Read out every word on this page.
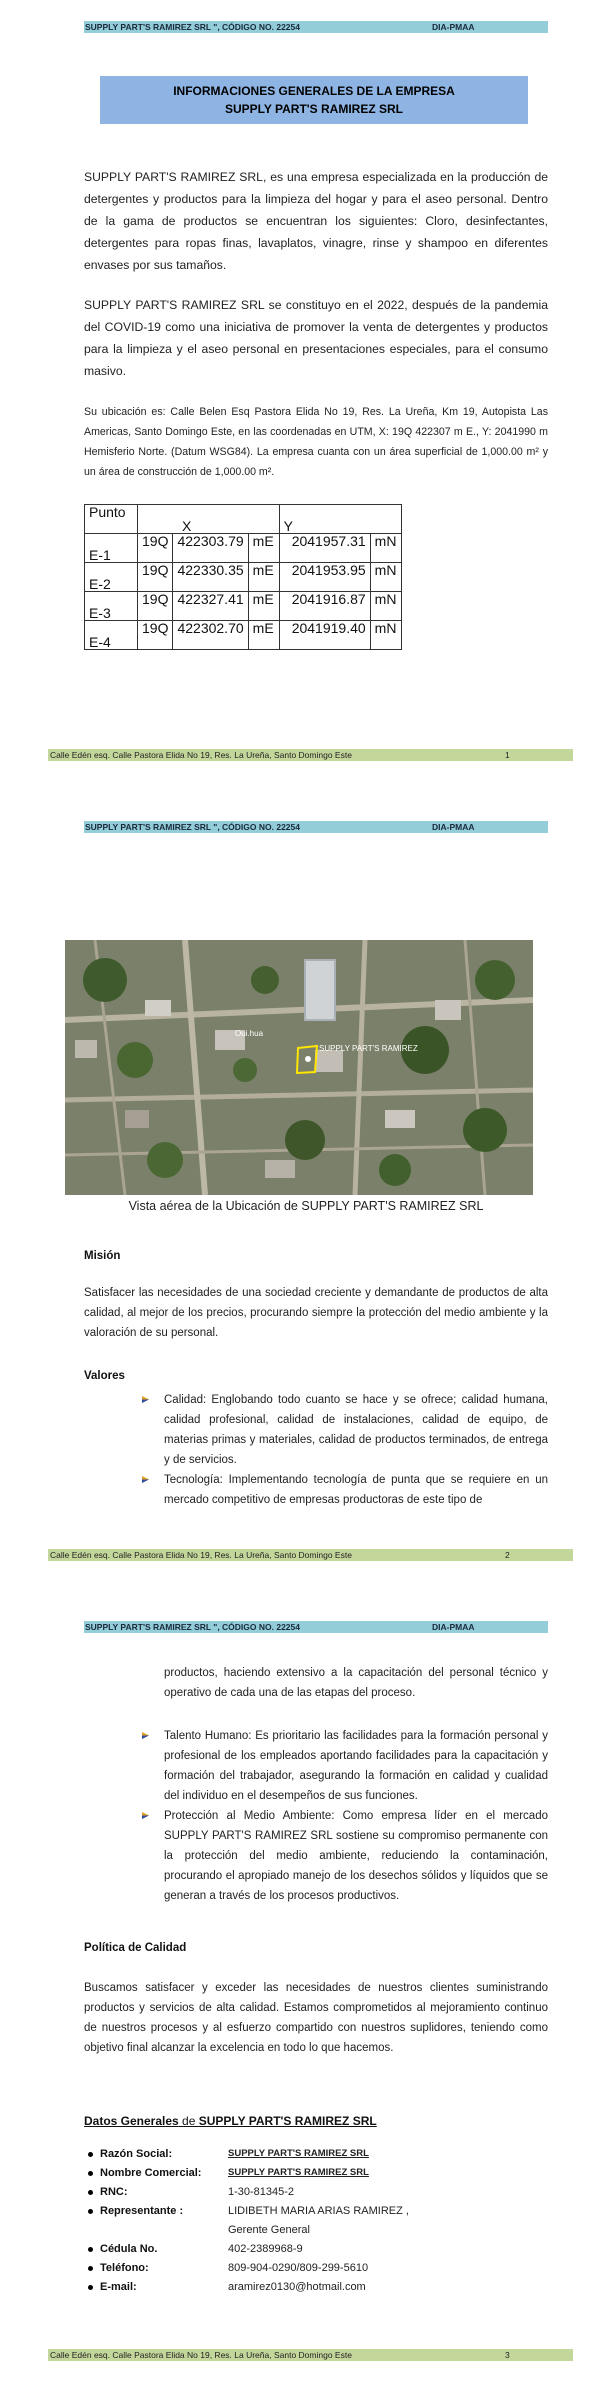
SUPPLY PART'S RAMIREZ SRL ", CÓDIGO NO. 22254	DIA-PMAA
INFORMACIONES GENERALES DE LA EMPRESA
SUPPLY PART'S RAMIREZ SRL
SUPPLY PART'S RAMIREZ SRL, es una empresa especializada en la producción de detergentes y productos para la limpieza del hogar y para el aseo personal. Dentro de la gama de productos se encuentran los siguientes: Cloro, desinfectantes, detergentes para ropas finas, lavaplatos, vinagre, rinse y shampoo en diferentes envases por sus tamaños.
SUPPLY PART'S RAMIREZ SRL se constituyo en el 2022, después de la pandemia del COVID-19 como una iniciativa de promover la venta de detergentes y productos para la limpieza y el aseo personal en presentaciones especiales, para el consumo masivo.
Su ubicación es: Calle Belen Esq Pastora Elida No 19, Res. La Ureña, Km 19, Autopista Las Americas, Santo Domingo Este, en las coordenadas en UTM, X: 19Q 422307 m E., Y: 2041990 m Hemisferio Norte. (Datum WSG84). La empresa cuanta con un área superficial de 1,000.00 m² y un área de construcción de 1,000.00 m².
Punto	X			Y	
E-1	19Q	422303.79	mE	2041957.31	mN
E-2	19Q	422330.35	mE	2041953.95	mN
E-3	19Q	422327.41	mE	2041916.87	mN
E-4	19Q	422302.70	mE	2041919.40	mN
Calle Edén esq. Calle Pastora Elida No 19, Res. La Ureña, Santo Domingo Este	1
SUPPLY PART'S RAMIREZ SRL ", CÓDIGO NO. 22254	DIA-PMAA
Oui.hua
SUPPLY PART'S RAMIREZ
Vista aérea de la Ubicación de SUPPLY PART'S RAMIREZ SRL
Misión
Satisfacer las necesidades de una sociedad creciente y demandante de productos de alta calidad, al mejor de los precios, procurando siempre la protección del medio ambiente y la valoración de su personal.
Valores
Calidad: Englobando todo cuanto se hace y se ofrece; calidad humana, calidad profesional, calidad de instalaciones, calidad de equipo, de materias primas y materiales, calidad de productos terminados, de entrega y de servicios.
Tecnología: Implementando tecnología de punta que se requiere en un mercado competitivo de empresas productoras de este tipo de
Calle Edén esq. Calle Pastora Elida No 19, Res. La Ureña, Santo Domingo Este	2
SUPPLY PART'S RAMIREZ SRL ", CÓDIGO NO. 22254	DIA-PMAA
productos, haciendo extensivo a la capacitación del personal técnico y operativo de cada una de las etapas del proceso.
Talento Humano: Es prioritario las facilidades para la formación personal y profesional de los empleados aportando facilidades para la capacitación y formación del trabajador, asegurando la formación en calidad y cualidad del individuo en el desempeños de sus funciones.
Protección al Medio Ambiente: Como empresa líder en el mercado SUPPLY PART'S RAMIREZ SRL sostiene su compromiso permanente con la protección del medio ambiente, reduciendo la contaminación, procurando el apropiado manejo de los desechos sólidos y líquidos que se generan a través de los procesos productivos.
Política de Calidad
Buscamos satisfacer y exceder las necesidades de nuestros clientes suministrando productos y servicios de alta calidad. Estamos comprometidos al mejoramiento continuo de nuestros procesos y al esfuerzo compartido con nuestros suplidores, teniendo como objetivo final alcanzar la excelencia en todo lo que hacemos.
Datos Generales de SUPPLY PART'S RAMIREZ SRL
Razón Social:	SUPPLY PART'S RAMIREZ SRL
Nombre Comercial:	SUPPLY PART'S RAMIREZ SRL
RNC:	1-30-81345-2
Representante :	LIDIBETH MARIA ARIAS RAMIREZ ,
Gerente General
Cédula No.	402-2389968-9
Teléfono:	809-904-0290/809-299-5610
E-mail:	aramirez0130@hotmail.com
Calle Edén esq. Calle Pastora Elida No 19, Res. La Ureña, Santo Domingo Este	3
